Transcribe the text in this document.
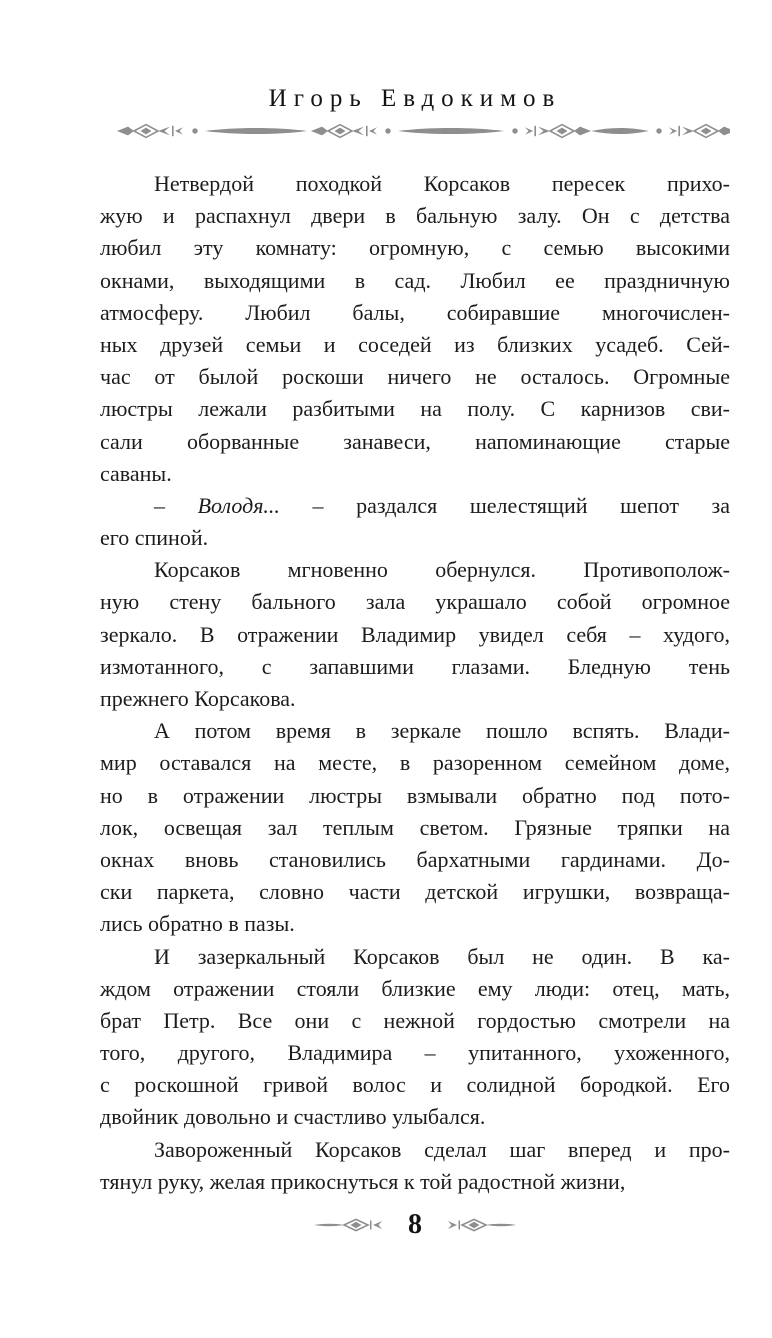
Игорь Евдокимов
Нетвердой походкой Корсаков пересек прихо-
жую и распахнул двери в бальную залу. Он с детства
любил эту комнату: огромную, с семью высокими
окнами, выходящими в сад. Любил ее праздничную
атмосферу. Любил балы, собиравшие многочислен-
ных друзей семьи и соседей из близких усадеб. Сей-
час от былой роскоши ничего не осталось. Огромные
люстры лежали разбитыми на полу. С карнизов сви-
сали оборванные занавеси, напоминающие старые
саваны.
– Володя... – раздался шелестящий шепот за
его спиной.
Корсаков мгновенно обернулся. Противополож-
ную стену бального зала украшало собой огромное
зеркало. В отражении Владимир увидел себя – худого,
измотанного, с запавшими глазами. Бледную тень
прежнего Корсакова.
А потом время в зеркале пошло вспять. Влади-
мир оставался на месте, в разоренном семейном доме,
но в отражении люстры взмывали обратно под пото-
лок, освещая зал теплым светом. Грязные тряпки на
окнах вновь становились бархатными гардинами. До-
ски паркета, словно части детской игрушки, возвраща-
лись обратно в пазы.
И зазеркальный Корсаков был не один. В ка-
ждом отражении стояли близкие ему люди: отец, мать,
брат Петр. Все они с нежной гордостью смотрели на
того, другого, Владимира – упитанного, ухоженного,
с роскошной гривой волос и солидной бородкой. Его
двойник довольно и счастливо улыбался.
Завороженный Корсаков сделал шаг вперед и про-
тянул руку, желая прикоснуться к той радостной жизни,
8
